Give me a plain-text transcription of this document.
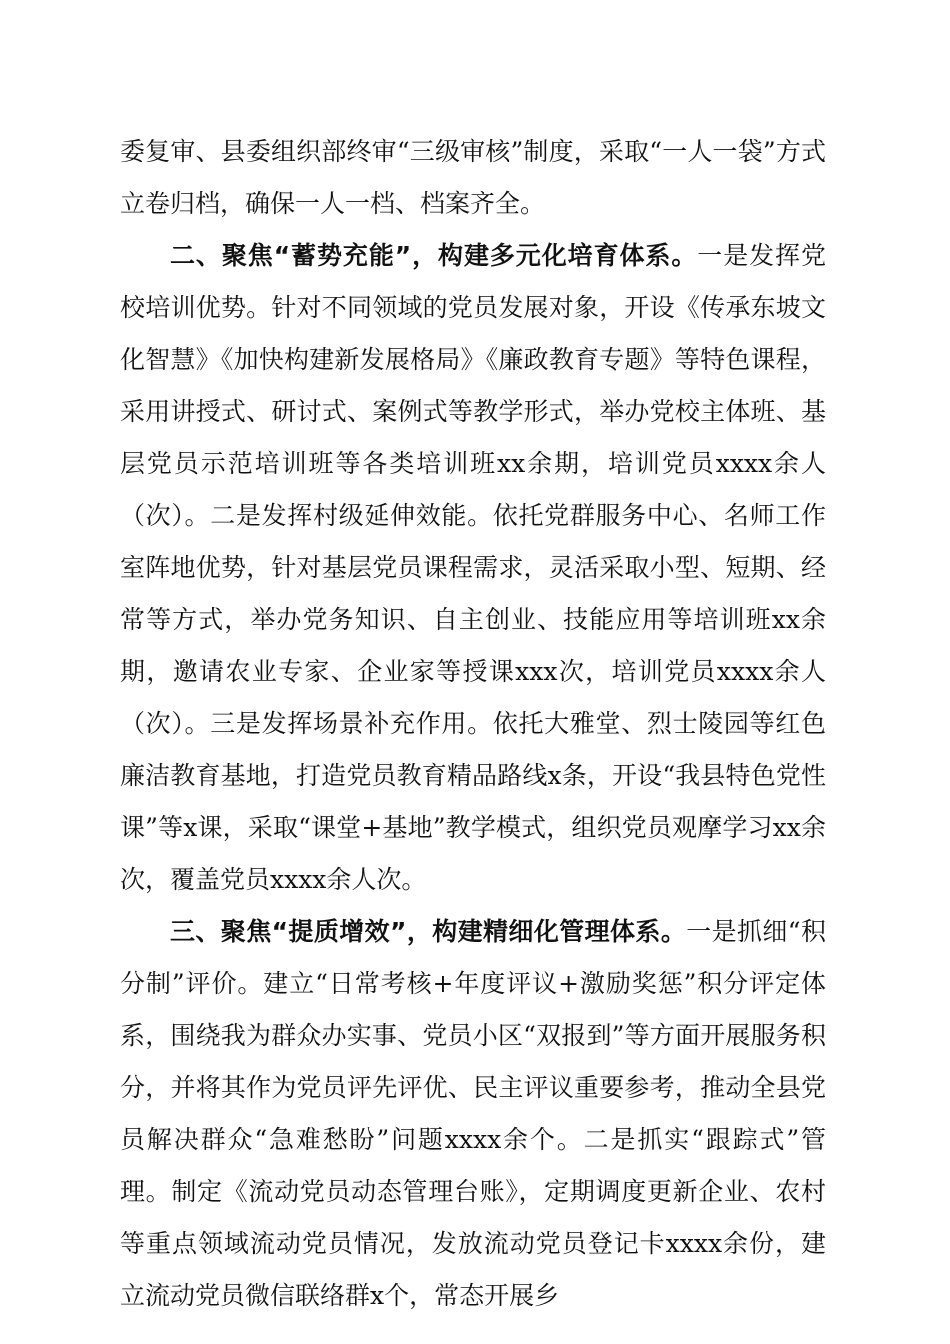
委复审、县委组织部终审“三级审核”制度，采取“一人一袋”方式立卷归档，确保一人一档、档案齐全。

二、聚焦“蓄势充能”，构建多元化培育体系。一是发挥党校培训优势。针对不同领域的党员发展对象，开设《传承东坡文化智慧》《加快构建新发展格局》《廉政教育专题》等特色课程，采用讲授式、研讨式、案例式等教学形式，举办党校主体班、基层党员示范培训班等各类培训班xx余期，培训党员xxxx余人（次）。二是发挥村级延伸效能。依托党群服务中心、名师工作室阵地优势，针对基层党员课程需求，灵活采取小型、短期、经常等方式，举办党务知识、自主创业、技能应用等培训班xx余期，邀请农业专家、企业家等授课xxx次，培训党员xxxx余人（次）。三是发挥场景补充作用。依托大雅堂、烈士陵园等红色廉洁教育基地，打造党员教育精品路线x条，开设“我县特色党性课”等x课，采取“课堂+基地”教学模式，组织党员观摩学习xx余次，覆盖党员xxxx余人次。

三、聚焦“提质增效”，构建精细化管理体系。一是抓细“积分制”评价。建立“日常考核+年度评议+激励奖惩”积分评定体系，围绕我为群众办实事、党员小区“双报到”等方面开展服务积分，并将其作为党员评先评优、民主评议重要参考，推动全县党员解决群众“急难愁盼”问题xxxx余个。二是抓实“跟踪式”管理。制定《流动党员动态管理台账》，定期调度更新企业、农村等重点领域流动党员情况，发放流动党员登记卡xxxx余份，建立流动党员微信联络群x个，常态开展乡
